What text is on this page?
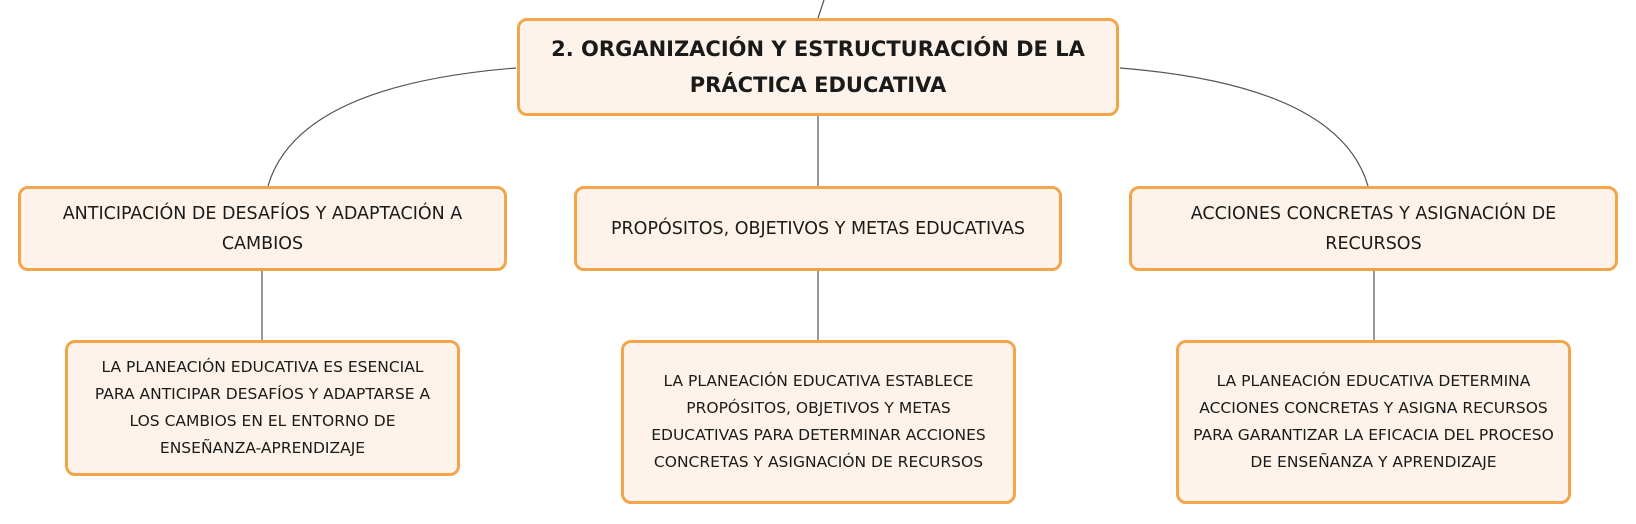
2. ORGANIZACIÓN Y ESTRUCTURACIÓN DE LA PRÁCTICA EDUCATIVA
ANTICIPACIÓN DE DESAFÍOS Y ADAPTACIÓN A CAMBIOS
PROPÓSITOS, OBJETIVOS Y METAS EDUCATIVAS
ACCIONES CONCRETAS Y ASIGNACIÓN DE RECURSOS
LA PLANEACIÓN EDUCATIVA ES ESENCIAL PARA ANTICIPAR DESAFÍOS Y ADAPTARSE A LOS CAMBIOS EN EL ENTORNO DE ENSEÑANZA-APRENDIZAJE
LA PLANEACIÓN EDUCATIVA ESTABLECE PROPÓSITOS, OBJETIVOS Y METAS EDUCATIVAS PARA DETERMINAR ACCIONES CONCRETAS Y ASIGNACIÓN DE RECURSOS
LA PLANEACIÓN EDUCATIVA DETERMINA ACCIONES CONCRETAS Y ASIGNA RECURSOS PARA GARANTIZAR LA EFICACIA DEL PROCESO DE ENSEÑANZA Y APRENDIZAJE
